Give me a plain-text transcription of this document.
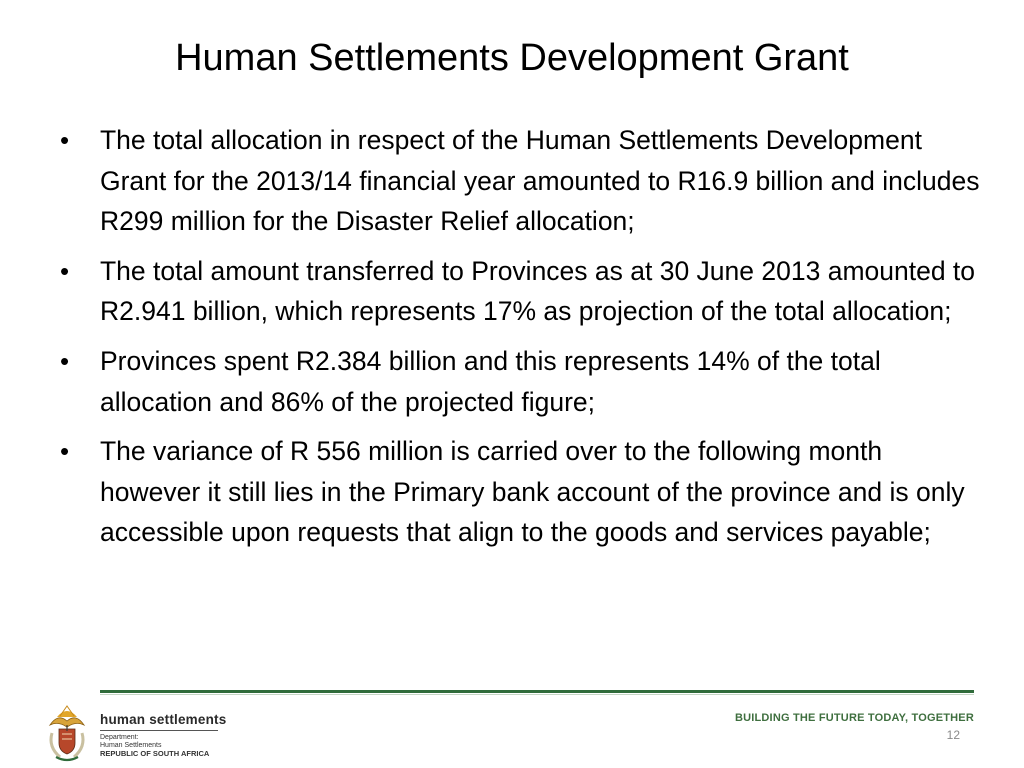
Human Settlements Development Grant
• The total allocation in respect of the Human Settlements Development Grant for the 2013/14 financial year amounted to R16.9 billion and includes R299 million for the Disaster Relief allocation;
• The total amount transferred to Provinces as at 30 June 2013 amounted to R2.941 billion, which represents 17% as projection of the total allocation;
• Provinces spent R2.384 billion and this represents 14% of the total allocation and 86% of the projected figure;
• The variance of R 556 million is carried over to the following month however it still lies in the Primary bank account of the province and is only accessible upon requests that align to the goods and services payable;
human settlements
Department:
Human Settlements
REPUBLIC OF SOUTH AFRICA
BUILDING THE FUTURE TODAY, TOGETHER
12
